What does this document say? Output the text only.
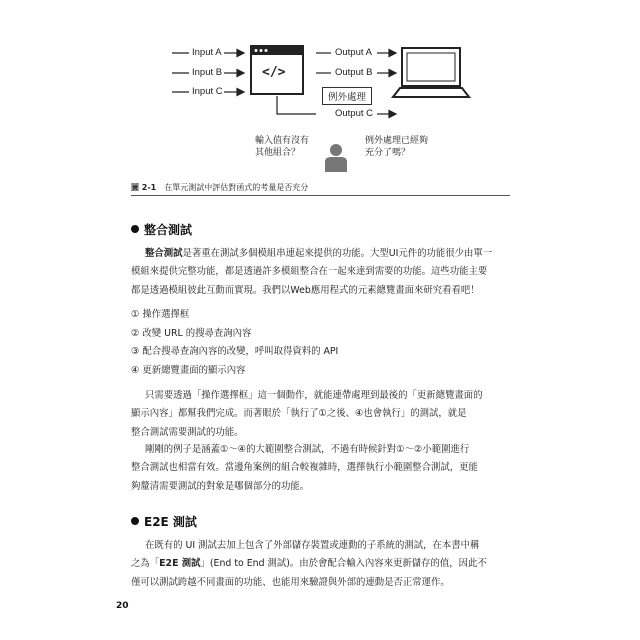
Input A
Input B
Input C
</>
Output A
Output B
Output C
例外處理
輸入值有沒有
其他組合？
例外處理已經夠
充分了嗎？
圖 2-1 在單元測試中評估對函式的考量是否充分
整合測試
整合測試是著重在測試多個模組串連起來提供的功能。大型UI元件的功能很少由單一
模組來提供完整功能，都是透過許多模組整合在一起來達到需要的功能。這些功能主要
都是透過模組彼此互動而實現。我們以Web應用程式的元素總覽畫面來研究看看吧！
① 操作選擇框
② 改變 URL 的搜尋查詢內容
③ 配合搜尋查詢內容的改變，呼叫取得資料的 API
④ 更新總覽畫面的顯示內容
只需要透過「操作選擇框」這一個動作，就能連帶處理到最後的「更新總覽畫面的
顯示內容」都幫我們完成。而著眼於「執行了①之後、④也會執行」的測試，就是
整合測試需要測試的功能。
剛剛的例子是涵蓋①～④的大範圍整合測試，不過有時候針對①～②小範圍進行
整合測試也相當有效。當邊角案例的組合較複雜時，選擇執行小範圍整合測試，更能
夠釐清需要測試的對象是哪個部分的功能。
E2E 測試
在既有的 UI 測試去加上包含了外部儲存裝置或連動的子系統的測試，在本書中稱
之為「E2E 測試」(End to End 測試)。由於會配合輸入內容來更新儲存的值，因此不
僅可以測試跨越不同畫面的功能、也能用來驗證與外部的連動是否正常運作。
20
